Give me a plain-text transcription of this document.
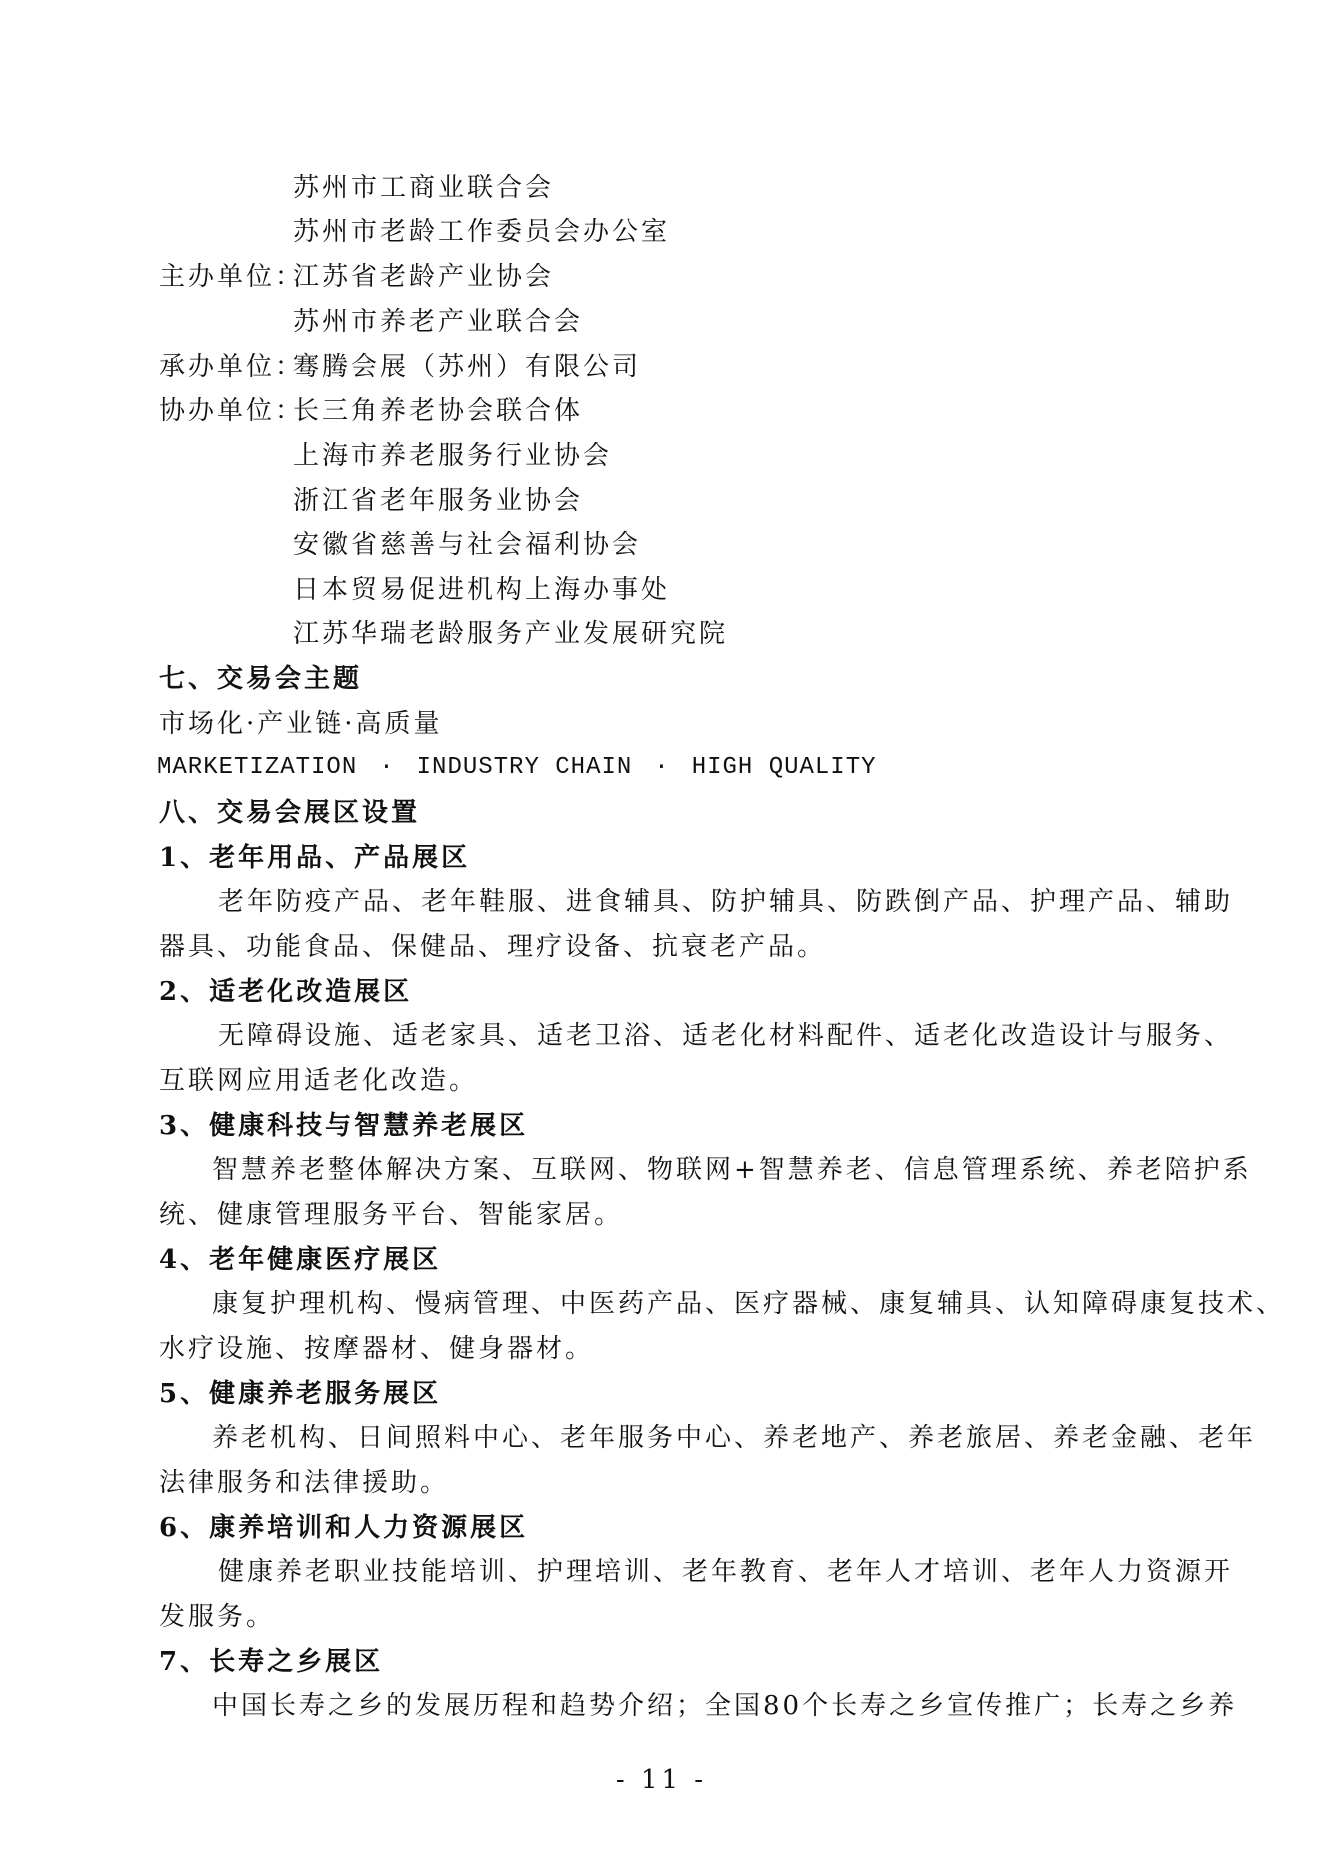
苏州市工商业联合会
苏州市老龄工作委员会办公室
主办单位：江苏省老龄产业协会
苏州市养老产业联合会
承办单位：骞腾会展（苏州）有限公司
协办单位：长三角养老协会联合体
上海市养老服务行业协会
浙江省老年服务业协会
安徽省慈善与社会福利协会
日本贸易促进机构上海办事处
江苏华瑞老龄服务产业发展研究院
七、交易会主题
市场化·产业链·高质量
MARKETIZATION · INDUSTRY CHAIN · HIGH QUALITY
八、交易会展区设置
1、老年用品、产品展区
老年防疫产品、老年鞋服、进食辅具、防护辅具、防跌倒产品、护理产品、辅助
器具、功能食品、保健品、理疗设备、抗衰老产品。
2、适老化改造展区
无障碍设施、适老家具、适老卫浴、适老化材料配件、适老化改造设计与服务、
互联网应用适老化改造。
3、健康科技与智慧养老展区
智慧养老整体解决方案、互联网、物联网+智慧养老、信息管理系统、养老陪护系
统、健康管理服务平台、智能家居。
4、老年健康医疗展区
康复护理机构、慢病管理、中医药产品、医疗器械、康复辅具、认知障碍康复技术、
水疗设施、按摩器材、健身器材。
5、健康养老服务展区
养老机构、日间照料中心、老年服务中心、养老地产、养老旅居、养老金融、老年
法律服务和法律援助。
6、康养培训和人力资源展区
健康养老职业技能培训、护理培训、老年教育、老年人才培训、老年人力资源开
发服务。
7、长寿之乡展区
中国长寿之乡的发展历程和趋势介绍；全国80个长寿之乡宣传推广；长寿之乡养
- 11 -
